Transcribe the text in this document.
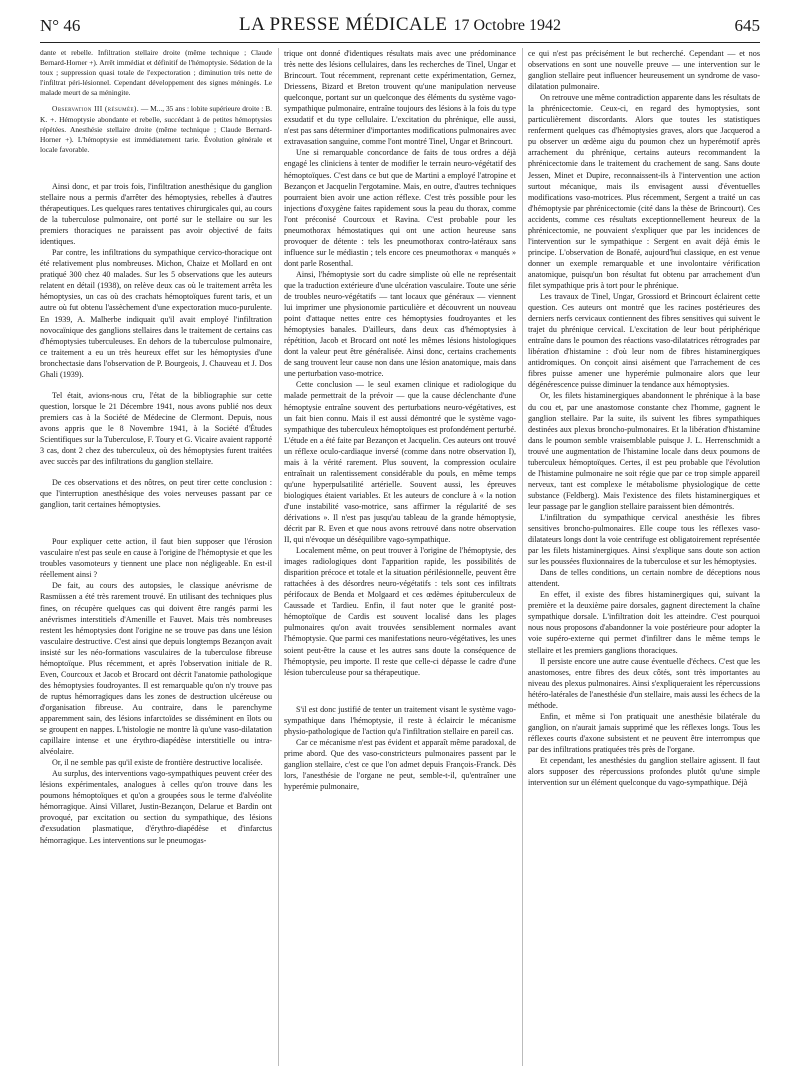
N° 46	LA PRESSE MÉDICALE 17 Octobre 1942	645

dante et rebelle. Infiltration stellaire droite (même technique ; Claude Bernard-Horner +). Arrêt immédiat et définitif de l'hémoptysie. Sédation de la toux ; suppression quasi totale de l'expectoration ; diminution très nette de l'infiltrat péri-lésionnel. Cependant développement des signes méningés. Le malade meurt de sa méningite.

Observation III (résumée). — M..., 35 ans : lobite supérieure droite : B. K. +. Hémoptysie abondante et rebelle, succédant à de petites hémoptysies répétées. Anesthésie stellaire droite (même technique ; Claude Bernard-Horner +). L'hémoptysie est immédiatement tarie. Évolution générale et locale favorable.

Ainsi donc, et par trois fois, l'infiltration anesthésique du ganglion stellaire nous a permis d'arrêter des hémoptysies, rebelles à d'autres thérapeutiques. Les quelques rares tentatives chirurgicales qui, au cours de la tuberculose pulmonaire, ont porté sur le stellaire ou sur les premiers thoraciques ne paraissent pas avoir objectivé de faits identiques.

Par contre, les infiltrations du sympathique cervico-thoracique ont été relativement plus nombreuses. Michon, Chaize et Mollard en ont pratiqué 300 chez 40 malades. Sur les 5 observations que les auteurs relatent en détail (1938), on relève deux cas où le traitement arrêta les hémoptysies, un cas où des crachats hémoptoïques furent taris, et un autre où fut obtenu l'assèchement d'une expectoration muco-purulente. En 1939, A. Malherbe indiquait qu'il avait employé l'infiltration novocaïnique des ganglions stellaires dans le traitement de certains cas d'hémoptysies tuberculeuses. En dehors de la tuberculose pulmonaire, ce traitement a eu un très heureux effet sur les hémoptysies d'une bronchectasie dans l'observation de P. Bourgeois, J. Chauveau et J. Dos Ghali (1939).

Tel était, avions-nous cru, l'état de la bibliographie sur cette question, lorsque le 21 Décembre 1941, nous avons publié nos deux premiers cas à la Société de Médecine de Clermont. Depuis, nous avons appris que le 8 Novembre 1941, à la Société d'Études Scientifiques sur la Tuberculose, F. Toury et G. Vicaire avaient rapporté 3 cas, dont 2 chez des tuberculeux, où des hémoptysies furent traitées avec succès par des infiltrations du ganglion stellaire.

De ces observations et des nôtres, on peut tirer cette conclusion : que l'interruption anesthésique des voies nerveuses passant par ce ganglion, tarit certaines hémoptysies.

Pour expliquer cette action, il faut bien supposer que l'érosion vasculaire n'est pas seule en cause à l'origine de l'hémoptysie et que les troubles vasomoteurs y tiennent une place non négligeable. En est-il réellement ainsi ?

De fait, au cours des autopsies, le classique anévrisme de Rasmüssen a été très rarement trouvé. En utilisant des techniques plus fines, on récupère quelques cas qui doivent être rangés parmi les anévrismes interstitiels d'Amenille et Fauvet. Mais très nombreuses restent les hémoptysies dont l'origine ne se trouve pas dans une lésion vasculaire destructive. C'est ainsi que depuis longtemps Bezançon avait insisté sur les néo-formations vasculaires de la tuberculose fibreuse hémoptoïque. Plus récemment, et après l'observation initiale de R. Even, Courcoux et Jacob et Brocard ont décrit l'anatomie pathologique des hémoptysies foudroyantes. Il est remarquable qu'on n'y trouve pas de ruptus hémorragiques dans les zones de destruction ulcéreuse ou d'organisation fibreuse. Au contraire, dans le parenchyme apparemment sain, des lésions infarctoïdes se disséminent en îlots ou se groupent en nappes. L'histologie ne montre là qu'une vaso-dilatation capillaire intense et une érythro-diapédèse interstitielle ou intra-alvéolaire.

Or, il ne semble pas qu'il existe de frontière destructive localisée.

Au surplus, des interventions vago-sympathiques peuvent créer des lésions expérimentales, analogues à celles qu'on trouve dans les poumons hémoptoïques et qu'on a groupées sous le terme d'alvéolite hémorragique. Ainsi Villaret, Justin-Bezançon, Delarue et Bardin ont provoqué, par excitation ou section du sympathique, des lésions d'exsudation plasmatique, d'érythro-diapédèse et d'infarctus hémorragique. Les interventions sur le pneumogas-

trique ont donné d'identiques résultats mais avec une prédominance très nette des lésions cellulaires, dans les recherches de Tinel, Ungar et Brincourt. Tout récemment, reprenant cette expérimentation, Gernez, Driessens, Bizard et Breton trouvent qu'une manipulation nerveuse quelconque, portant sur un quelconque des éléments du système vago-sympathique pulmonaire, entraîne toujours des lésions à la fois du type exsudatif et du type cellulaire. L'excitation du phrénique, elle aussi, n'est pas sans déterminer d'importantes modifications pulmonaires avec extravasation sanguine, comme l'ont montré Tinel, Ungar et Brincourt.

Une si remarquable concordance de faits de tous ordres a déjà engagé les cliniciens à tenter de modifier le terrain neuro-végétatif des hémoptoïques. C'est dans ce but que de Martini a employé l'atropine et Bezançon et Jacquelin l'ergotamine. Mais, en outre, d'autres techniques pourraient bien avoir une action réflexe. C'est très possible pour les injections d'oxygène faites rapidement sous la peau du thorax, comme l'ont préconisé Courcoux et Ravina. C'est probable pour les pneumothorax hémostatiques qui ont une action heureuse sans provoquer de détente : tels les pneumothorax contro-latéraux sans influence sur le médiastin ; tels encore ces pneumothorax « manqués » dont parle Rosenthal.

Ainsi, l'hémoptysie sort du cadre simpliste où elle ne représentait que la traduction extérieure d'une ulcération vasculaire. Toute une série de troubles neuro-végétatifs — tant locaux que généraux — viennent lui imprimer une physionomie particulière et découvrent un nouveau point d'attaque nettes entre ces hémoptysies foudroyantes et les hémoptysies banales. D'ailleurs, dans deux cas d'hémoptysies à répétition, Jacob et Brocard ont noté les mêmes lésions histologiques dont la valeur peut être généralisée. Ainsi donc, certains crachements de sang trouvent leur cause non dans une lésion anatomique, mais dans une perturbation vaso-motrice.

Cette conclusion — le seul examen clinique et radiologique du malade permettrait de la prévoir — que la cause déclenchante d'une hémoptysie entraîne souvent des perturbations neuro-végétatives, est un fait bien connu. Mais il est aussi démontré que le système vago-sympathique des tuberculeux hémoptoïques est profondément perturbé. L'étude en a été faite par Bezançon et Jacquelin. Ces auteurs ont trouvé un réflexe oculo-cardiaque inversé (comme dans notre observation I), mais à la vérité rarement. Plus souvent, la compression oculaire entraînait un ralentissement considérable du pouls, en même temps qu'une hyperpulsatilité artérielle. Souvent aussi, les épreuves biologiques étaient variables. Et les auteurs de conclure à « la notion d'une instabilité vaso-motrice, sans affirmer la régularité de ses dérivations ». Il n'est pas jusqu'au tableau de la grande hémoptysie, décrit par R. Even et que nous avons retrouvé dans notre observation II, qui n'évoque un déséquilibre vago-sympathique.

Localement même, on peut trouver à l'origine de l'hémoptysie, des images radiologiques dont l'apparition rapide, les possibilités de disparition précoce et totale et la situation périlésionnelle, peuvent être rattachées à des désordres neuro-végétatifs : tels sont ces infiltrats périfocaux de Benda et Molgaard et ces œdèmes épituberculeux de Caussade et Tardieu. Enfin, il faut noter que le granité post-hémoptoïque de Cardis est souvent localisé dans les plages pulmonaires qu'on avait trouvées sensiblement normales avant l'hémoptysie. Que parmi ces manifestations neuro-végétatives, les unes soient peut-être la cause et les autres sans doute la conséquence de l'hémoptysie, peu importe. Il reste que celle-ci dépasse le cadre d'une lésion tuberculeuse pour sa thérapeutique.

S'il est donc justifié de tenter un traitement visant le système vago-sympathique dans l'hémoptysie, il reste à éclaircir le mécanisme physio-pathologique de l'action qu'a l'infiltration stellaire en pareil cas.

Car ce mécanisme n'est pas évident et apparaît même paradoxal, de prime abord. Que des vaso-constricteurs pulmonaires passent par le ganglion stellaire, c'est ce que l'on admet depuis François-Franck. Dès lors, l'anesthésie de l'organe ne peut, semble-t-il, qu'entraîner une hyperémie pulmonaire,

ce qui n'est pas précisément le but recherché. Cependant — et nos observations en sont une nouvelle preuve — une intervention sur le ganglion stellaire peut influencer heureusement un syndrome de vaso-dilatation pulmonaire.

On retrouve une même contradiction apparente dans les résultats de la phrénicectomie. Ceux-ci, en regard des hymoptysies, sont particulièrement discordants. Alors que toutes les statistiques renferment quelques cas d'hémoptysies graves, alors que Jacquerod a pu observer un œdème aigu du poumon chez un hyperémotif après arrachement du phrénique, certains auteurs recommandent la phrénicectomie dans le traitement du crachement de sang. Sans doute Jessen, Minet et Dupire, reconnaissent-ils à l'intervention une action surtout mécanique, mais ils envisagent aussi d'éventuelles modifications vaso-motrices. Plus récemment, Sergent a traité un cas d'hémoptysie par phrénicectomie (cité dans la thèse de Brincourt). Ces accidents, comme ces résultats exceptionnellement heureux de la phrénicectomie, ne pouvaient s'expliquer que par les incidences de l'intervention sur le sympathique : Sergent en avait déjà émis le principe. L'observation de Bonafé, aujourd'hui classique, en est venue donner un exemple remarquable et une involontaire vérification anatomique, puisqu'un bon résultat fut obtenu par arrachement d'un filet sympathique pris à tort pour le phrénique.

Les travaux de Tinel, Ungar, Grossiord et Brincourt éclairent cette question. Ces auteurs ont montré que les racines postérieures des derniers nerfs cervicaux contiennent des fibres sensitives qui suivent le trajet du phrénique cervical. L'excitation de leur bout périphérique entraîne dans le poumon des réactions vaso-dilatatrices rétrogrades par libération d'histamine : d'où leur nom de fibres histaminergiques antidromiques. On conçoit ainsi aisément que l'arrachement de ces fibres puisse amener une hyperémie pulmonaire alors que leur dégénérescence puisse diminuer la tendance aux hémoptysies.

Or, les filets histaminergiques abandonnent le phrénique à la base du cou et, par une anastomose constante chez l'homme, gagnent le ganglion stellaire. Par la suite, ils suivent les fibres sympathiques destinées aux plexus broncho-pulmonaires. Et la libération d'histamine dans le poumon semble vraisemblable puisque J. L. Herrenschmidt a trouvé une augmentation de l'histamine locale dans deux poumons de tuberculeux hémoptoïques. Certes, il est peu probable que l'évolution de l'histamine pulmonaire ne soit régie que par ce trop simple appareil nerveux, tant est complexe le métabolisme physiologique de cette substance (Feldberg). Mais l'existence des filets histaminergiques et leur passage par le ganglion stellaire paraissent bien démontrés.

L'infiltration du sympathique cervical anesthésie les fibres sensitives broncho-pulmonaires. Elle coupe tous les réflexes vaso-dilatateurs longs dont la voie centrifuge est obligatoirement représentée par les filets histaminergiques. Ainsi s'explique sans doute son action sur les poussées fluxionnaires de la tuberculose et sur les hémoptysies.

Dans de telles conditions, un certain nombre de déceptions nous attendent.

En effet, il existe des fibres histaminergiques qui, suivant la première et la deuxième paire dorsales, gagnent directement la chaîne sympathique dorsale. L'infiltration doit les atteindre. C'est pourquoi nous nous proposons d'abandonner la voie postérieure pour adopter la voie supéro-externe qui permet d'infiltrer dans le même temps le stellaire et les premiers ganglions thoraciques.

Il persiste encore une autre cause éventuelle d'échecs. C'est que les anastomoses, entre fibres des deux côtés, sont très importantes au niveau des plexus pulmonaires. Ainsi s'expliqueraient les répercussions hétéro-latérales de l'anesthésie d'un stellaire, mais aussi les échecs de la méthode.

Enfin, et même si l'on pratiquait une anesthésie bilatérale du ganglion, on n'aurait jamais supprimé que les réflexes longs. Tous les réflexes courts d'axone subsistent et ne peuvent être interrompus que par des infiltrations pratiquées très près de l'organe.

Et cependant, les anesthésies du ganglion stellaire agissent. Il faut alors supposer des répercussions profondes plutôt qu'une simple intervention sur un élément quelconque du vago-sympathique. Déjà
